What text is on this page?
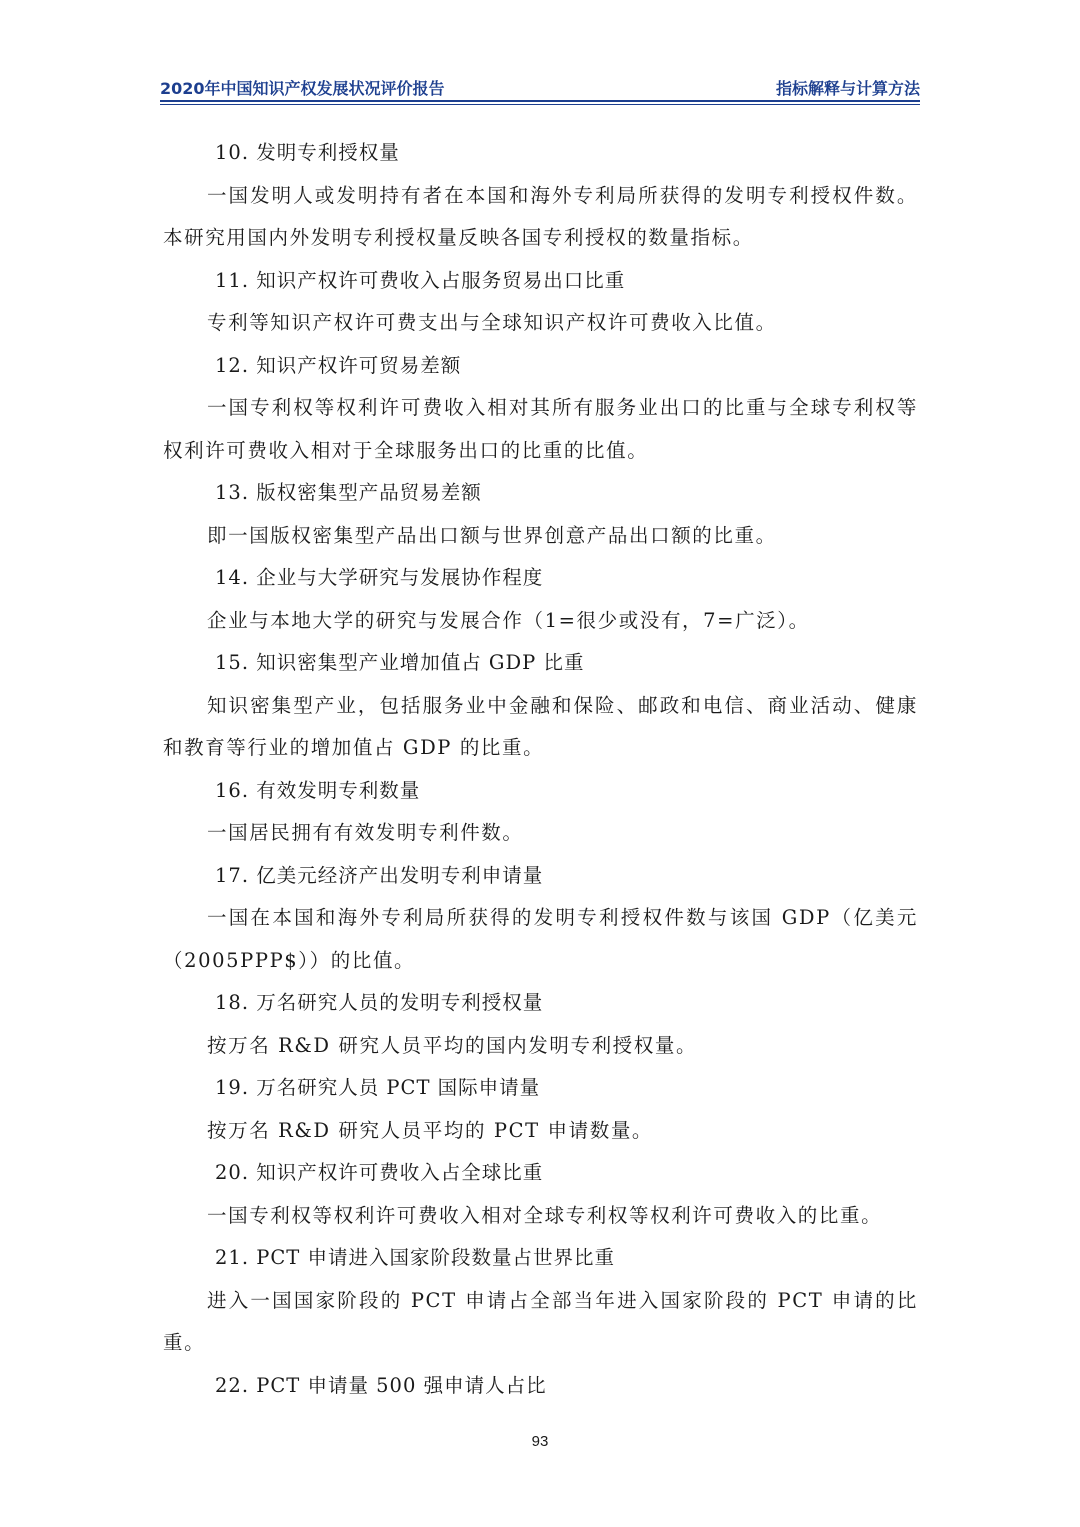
2020年中国知识产权发展状况评价报告	指标解释与计算方法

10. 发明专利授权量

一国发明人或发明持有者在本国和海外专利局所获得的发明专利授权件数。本研究用国内外发明专利授权量反映各国专利授权的数量指标。

11. 知识产权许可费收入占服务贸易出口比重

专利等知识产权许可费支出与全球知识产权许可费收入比值。

12. 知识产权许可贸易差额

一国专利权等权利许可费收入相对其所有服务业出口的比重与全球专利权等权利许可费收入相对于全球服务出口的比重的比值。

13. 版权密集型产品贸易差额

即一国版权密集型产品出口额与世界创意产品出口额的比重。

14. 企业与大学研究与发展协作程度

企业与本地大学的研究与发展合作（1=很少或没有，7=广泛）。

15. 知识密集型产业增加值占 GDP 比重

知识密集型产业，包括服务业中金融和保险、邮政和电信、商业活动、健康和教育等行业的增加值占 GDP 的比重。

16. 有效发明专利数量

一国居民拥有有效发明专利件数。

17. 亿美元经济产出发明专利申请量

一国在本国和海外专利局所获得的发明专利授权件数与该国 GDP（亿美元（2005PPP$））的比值。

18. 万名研究人员的发明专利授权量

按万名 R&D 研究人员平均的国内发明专利授权量。

19. 万名研究人员 PCT 国际申请量

按万名 R&D 研究人员平均的 PCT 申请数量。

20. 知识产权许可费收入占全球比重

一国专利权等权利许可费收入相对全球专利权等权利许可费收入的比重。

21. PCT 申请进入国家阶段数量占世界比重

进入一国国家阶段的 PCT 申请占全部当年进入国家阶段的 PCT 申请的比重。

22. PCT 申请量 500 强申请人占比

93
